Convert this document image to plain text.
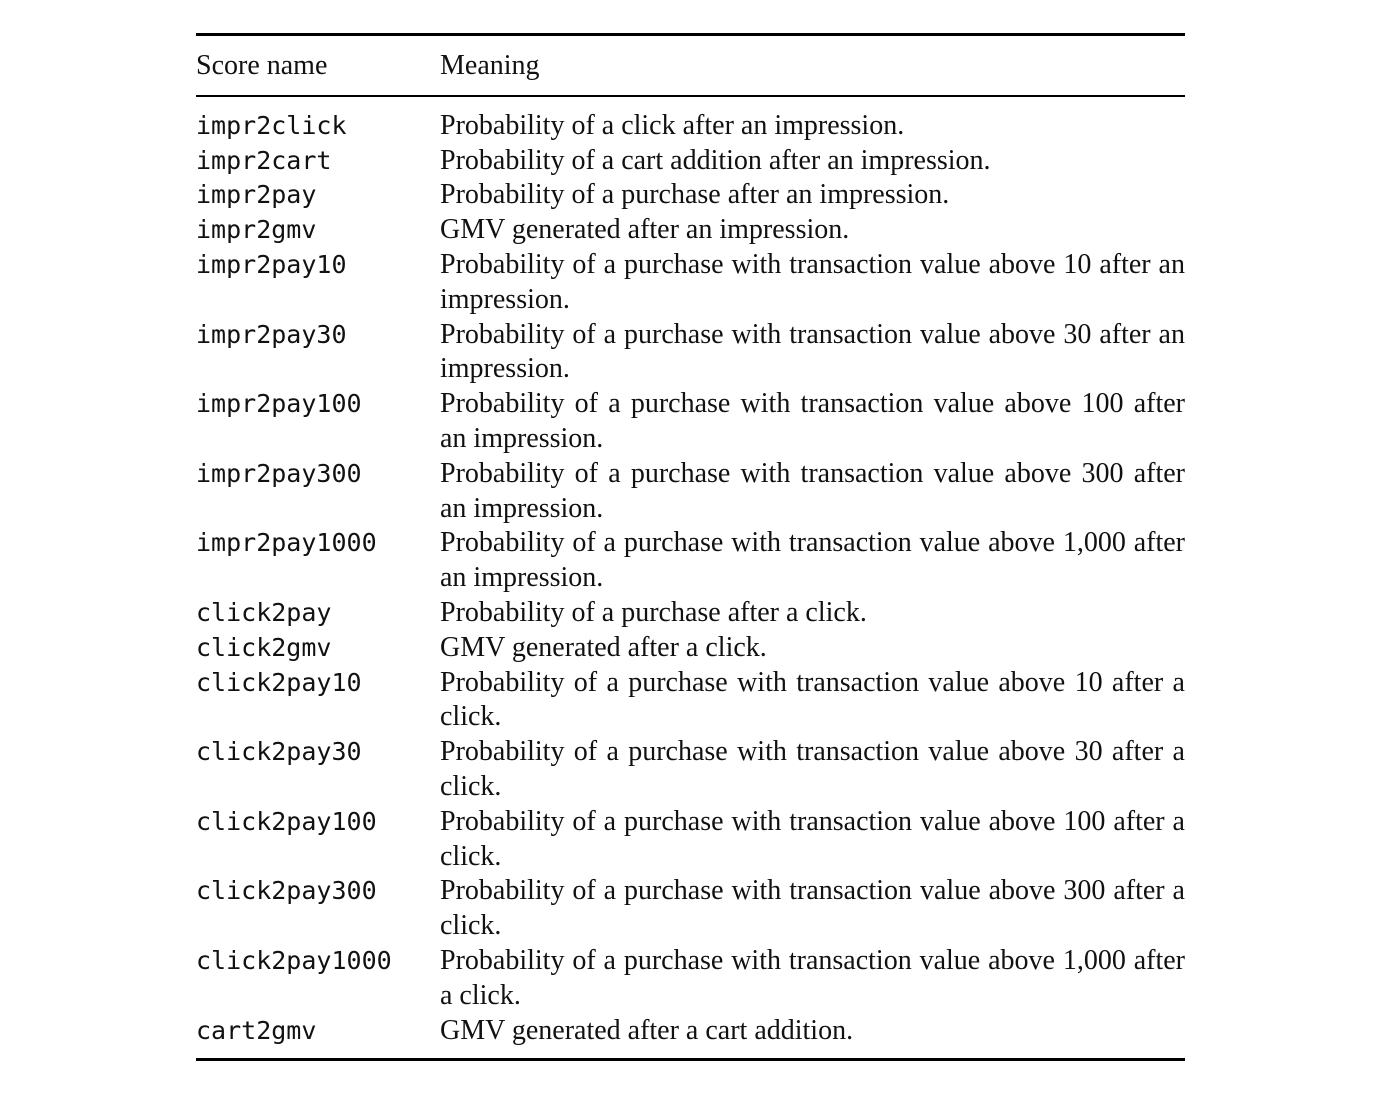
Score name	Meaning
impr2click	Probability of a click after an impression.
impr2cart	Probability of a cart addition after an impression.
impr2pay	Probability of a purchase after an impression.
impr2gmv	GMV generated after an impression.
impr2pay10	Probability of a purchase with transaction value above 10 after an impression.
impr2pay30	Probability of a purchase with transaction value above 30 after an impression.
impr2pay100	Probability of a purchase with transaction value above 100 after an impression.
impr2pay300	Probability of a purchase with transaction value above 300 after an impression.
impr2pay1000	Probability of a purchase with transaction value above 1,000 after an impression.
click2pay	Probability of a purchase after a click.
click2gmv	GMV generated after a click.
click2pay10	Probability of a purchase with transaction value above 10 after a click.
click2pay30	Probability of a purchase with transaction value above 30 after a click.
click2pay100	Probability of a purchase with transaction value above 100 after a click.
click2pay300	Probability of a purchase with transaction value above 300 after a click.
click2pay1000	Probability of a purchase with transaction value above 1,000 after a click.
cart2gmv	GMV generated after a cart addition.
